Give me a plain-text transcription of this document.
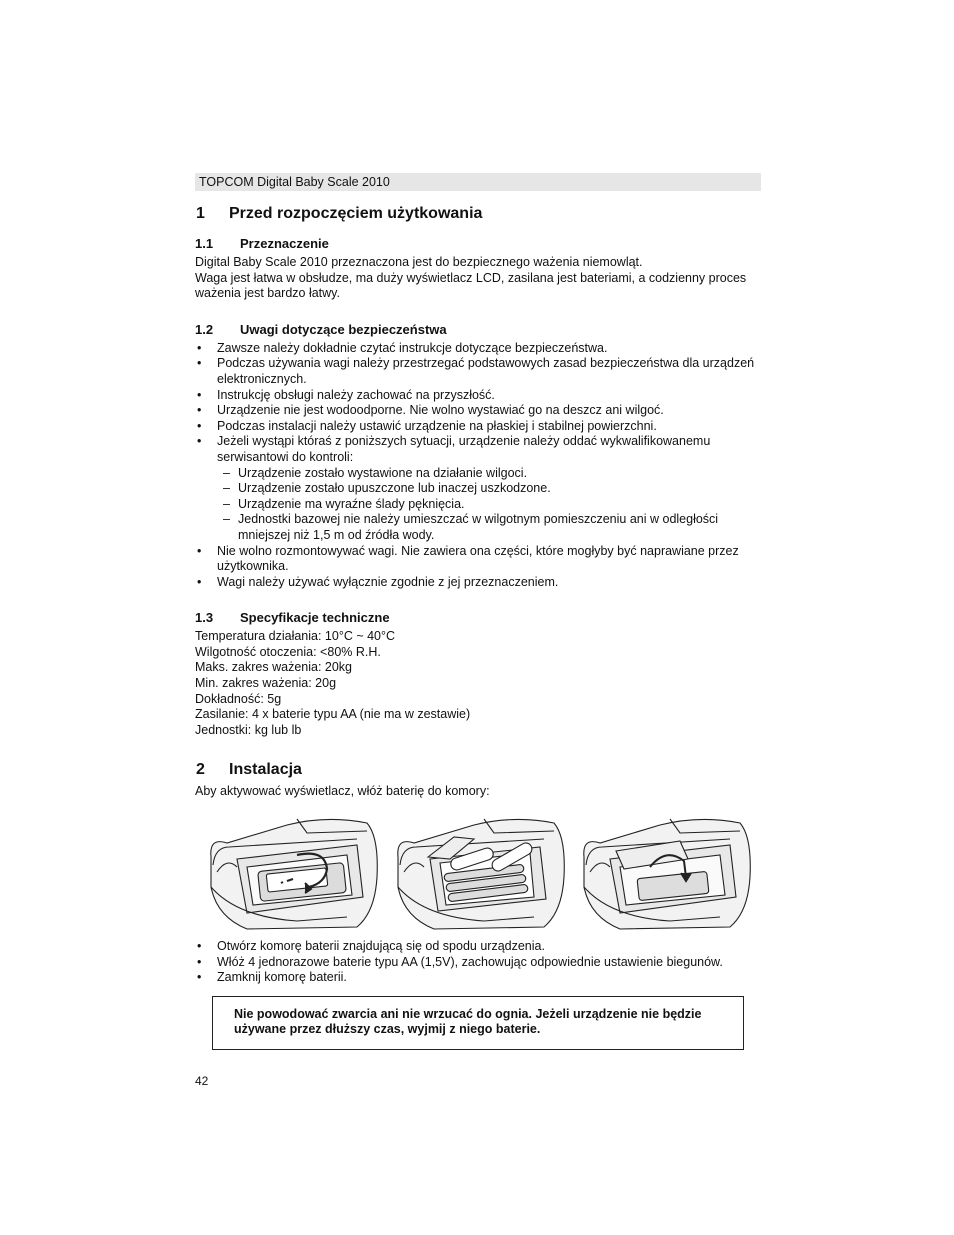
TOPCOM Digital Baby Scale 2010
1	Przed rozpoczęciem użytkowania
1.1	Przeznaczenie

Digital Baby Scale 2010 przeznaczona jest do bezpiecznego ważenia niemowląt.

Waga jest łatwa w obsłudze, ma duży wyświetlacz LCD, zasilana jest bateriami, a codzienny proces

ważenia jest bardzo łatwy.

1.2	Uwagi dotyczące bezpieczeństwa
• Zawsze należy dokładnie czytać instrukcje dotyczące bezpieczeństwa.
• Podczas używania wagi należy przestrzegać podstawowych zasad bezpieczeństwa dla urządzeń elektronicznych.
• Instrukcję obsługi należy zachować na przyszłość.
• Urządzenie nie jest wodoodporne. Nie wolno wystawiać go na deszcz ani wilgoć.
• Podczas instalacji należy ustawić urządzenie na płaskiej i stabilnej powierzchni.
• Jeżeli wystąpi któraś z poniższych sytuacji, urządzenie należy oddać wykwalifikowanemu serwisantowi do kontroli:
– Urządzenie zostało wystawione na działanie wilgoci.
– Urządzenie zostało upuszczone lub inaczej uszkodzone.
– Urządzenie ma wyraźne ślady pęknięcia.
– Jednostki bazowej nie należy umieszczać w wilgotnym pomieszczeniu ani w odległości mniejszej niż 1,5 m od źródła wody.
• Nie wolno rozmontowywać wagi. Nie zawiera ona części, które mogłyby być naprawiane przez użytkownika.
• Wagi należy używać wyłącznie zgodnie z jej przeznaczeniem.
1.3	Specyfikacje techniczne

Temperatura działania: 10°C ~ 40°C

Wilgotność otoczenia: <80% R.H.

Maks. zakres ważenia: 20kg

Min. zakres ważenia: 20g

Dokładność: 5g

Zasilanie: 4 x baterie typu AA (nie ma w zestawie)

Jednostki: kg lub lb

2	Instalacja

Aby aktywować wyświetlacz, włóż baterię do komory:

• Otwórz komorę baterii znajdującą się od spodu urządzenia.
• Włóż 4 jednorazowe baterie typu AA (1,5V), zachowując odpowiednie ustawienie biegunów.
• Zamknij komorę baterii.
Nie powodować zwarcia ani nie wrzucać do ognia. Jeżeli urządzenie nie będzie używane przez dłuższy czas, wyjmij z niego baterie.
42
